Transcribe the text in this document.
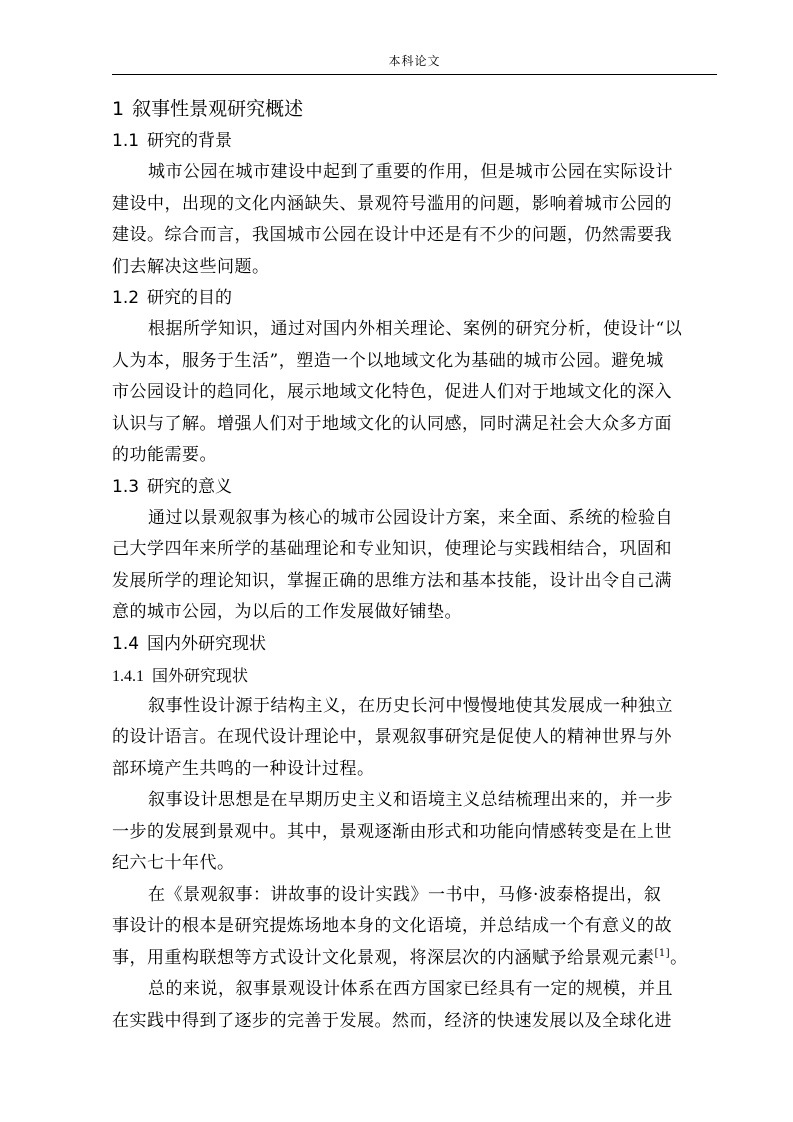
本科论文
1 叙事性景观研究概述
1.1 研究的背景
城市公园在城市建设中起到了重要的作用，但是城市公园在实际设计
建设中，出现的文化内涵缺失、景观符号滥用的问题，影响着城市公园的
建设。综合而言，我国城市公园在设计中还是有不少的问题，仍然需要我
们去解决这些问题。
1.2 研究的目的
根据所学知识，通过对国内外相关理论、案例的研究分析，使设计“以
人为本，服务于生活”，塑造一个以地域文化为基础的城市公园。避免城
市公园设计的趋同化，展示地域文化特色，促进人们对于地域文化的深入
认识与了解。增强人们对于地域文化的认同感，同时满足社会大众多方面
的功能需要。
1.3 研究的意义
通过以景观叙事为核心的城市公园设计方案，来全面、系统的检验自
己大学四年来所学的基础理论和专业知识，使理论与实践相结合，巩固和
发展所学的理论知识，掌握正确的思维方法和基本技能，设计出令自己满
意的城市公园，为以后的工作发展做好铺垫。
1.4 国内外研究现状
1.4.1 国外研究现状
叙事性设计源于结构主义，在历史长河中慢慢地使其发展成一种独立
的设计语言。在现代设计理论中，景观叙事研究是促使人的精神世界与外
部环境产生共鸣的一种设计过程。
叙事设计思想是在早期历史主义和语境主义总结梳理出来的，并一步
一步的发展到景观中。其中，景观逐渐由形式和功能向情感转变是在上世
纪六七十年代。
在《景观叙事：讲故事的设计实践》一书中，马修·波泰格提出，叙
事设计的根本是研究提炼场地本身的文化语境，并总结成一个有意义的故
事，用重构联想等方式设计文化景观，将深层次的内涵赋予给景观元素[1]。
总的来说，叙事景观设计体系在西方国家已经具有一定的规模，并且
在实践中得到了逐步的完善于发展。然而，经济的快速发展以及全球化进
